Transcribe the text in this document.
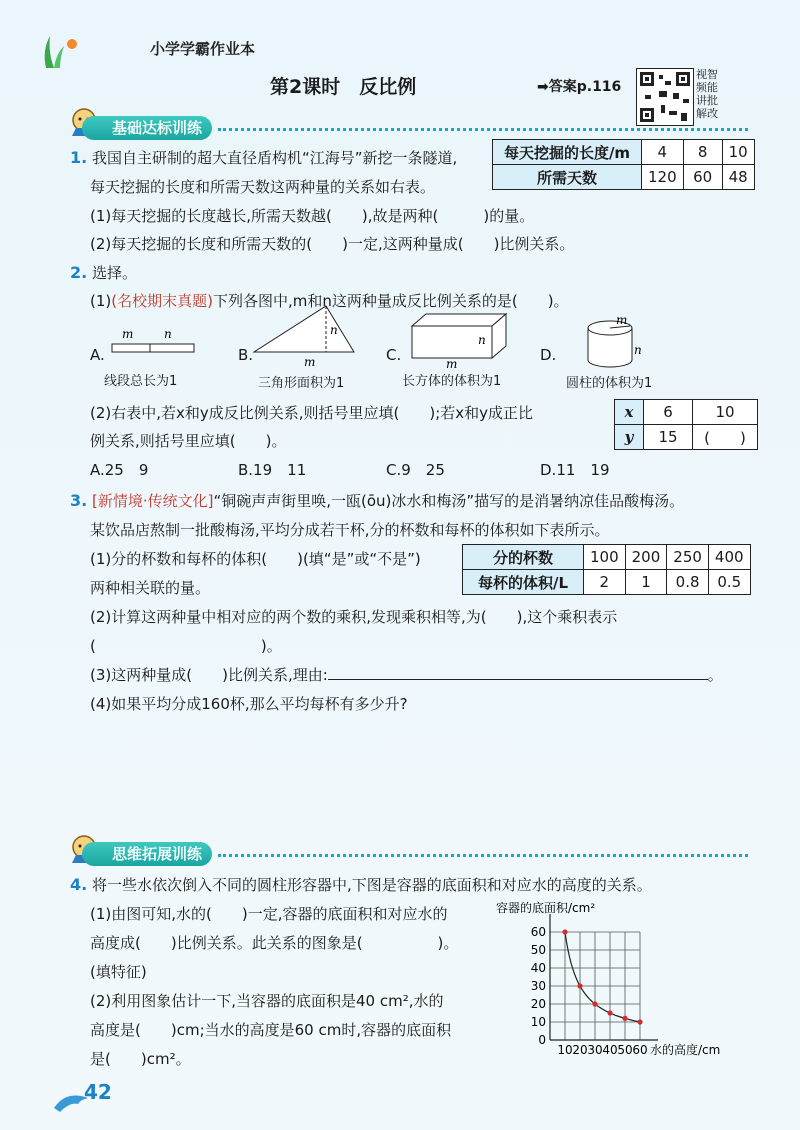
小学学霸作业本
第2课时　反比例	➡答案p.116
视智 频能 讲批 解改
基础达标训练
1. 我国自主研制的超大直径盾构机“江海号”新挖一条隧道,
每天挖掘的长度和所需天数这两种量的关系如右表。
(1)每天挖掘的长度越长,所需天数越(　　),故是两种(　　　)的量。
(2)每天挖掘的长度和所需天数的(　　)一定,这两种量成(　　)比例关系。
每天挖掘的长度/m	4	8	10
所需天数	120	60	48
2. 选择。
(1)(名校期末真题)下列各图中,m和n这两种量成反比例关系的是(　　)。
A.
m	n
线段总长为1
B.
n
m
三角形面积为1
C.
n
m
长方体的体积为1
D.
m
n
圆柱的体积为1
(2)右表中,若x和y成反比例关系,则括号里应填(　　);若x和y成正比
例关系,则括号里应填(　　)。
x	6	10
y	15	(　　)
A.25　9	B.19　11	C.9　25	D.11　19
3. [新情境·传统文化]“铜碗声声街里唤,一瓯(ōu)冰水和梅汤”描写的是消暑纳凉佳品酸梅汤。
某饮品店熬制一批酸梅汤,平均分成若干杯,分的杯数和每杯的体积如下表所示。
(1)分的杯数和每杯的体积(　　)(填“是”或“不是”)
两种相关联的量。
分的杯数	100	200	250	400
每杯的体积/L	2	1	0.8	0.5
(2)计算这两种量中相对应的两个数的乘积,发现乘积相等,为(　　),这个乘积表示
(　　　　　　　　　　　)。
(3)这两种量成(　　)比例关系,理由:	。
(4)如果平均分成160杯,那么平均每杯有多少升?
思维拓展训练
4. 将一些水依次倒入不同的圆柱形容器中,下图是容器的底面积和对应水的高度的关系。
(1)由图可知,水的(　　)一定,容器的底面积和对应水的
高度成(　　)比例关系。此关系的图象是(　　　　　)。
(填特征)
(2)利用图象估计一下,当容器的底面积是40 cm²,水的
高度是(　　)cm;当水的高度是60 cm时,容器的底面积
是(　　)cm²。
容器的底面积/cm²
10 20 30 40 50 60
0
10
20
30
40
50
60
水的高度/cm
42
